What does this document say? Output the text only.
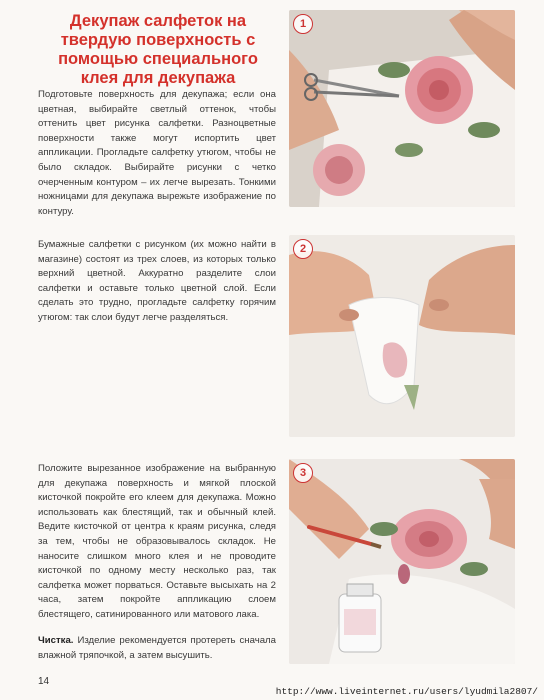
Декупаж салфеток на твердую поверхность с помощью специального клея для декупажа

Подготовьте поверхность для декупажа; если она цветная, выбирайте светлый оттенок, чтобы оттенить цвет рисунка салфетки. Разноцветные поверхности также могут испортить цвет аппликации. Прогладьте салфетку утюгом, чтобы не было складок. Выбирайте рисунки с четко очерченным контуром – их легче вырезать. Тонкими ножницами для декупажа вырежьте изображение по контуру.

Бумажные салфетки с рисунком (их можно найти в магазине) состоят из трех слоев, из которых только верхний цветной. Аккуратно разделите слои салфетки и оставьте только цветной слой. Если сделать это трудно, прогладьте салфетку горячим утюгом: так слои будут легче разделяться.

Положите вырезанное изображение на выбранную для декупажа поверхность и мягкой плоской кисточкой покройте его клеем для декупажа. Можно использовать как блестящий, так и обычный клей. Ведите кисточкой от центра к краям рисунка, следя за тем, чтобы не образовывалось складок. Не наносите слишком много клея и не проводите кисточкой по одному месту несколько раз, так салфетка может порваться. Оставьте высыхать на 2 часа, затем покройте аппликацию слоем блестящего, сатинированного или матового лака.

Чистка. Изделие рекомендуется протереть сначала влажной тряпочкой, а затем высушить.

1
2
3
14
http://www.liveinternet.ru/users/lyudmila2807/
